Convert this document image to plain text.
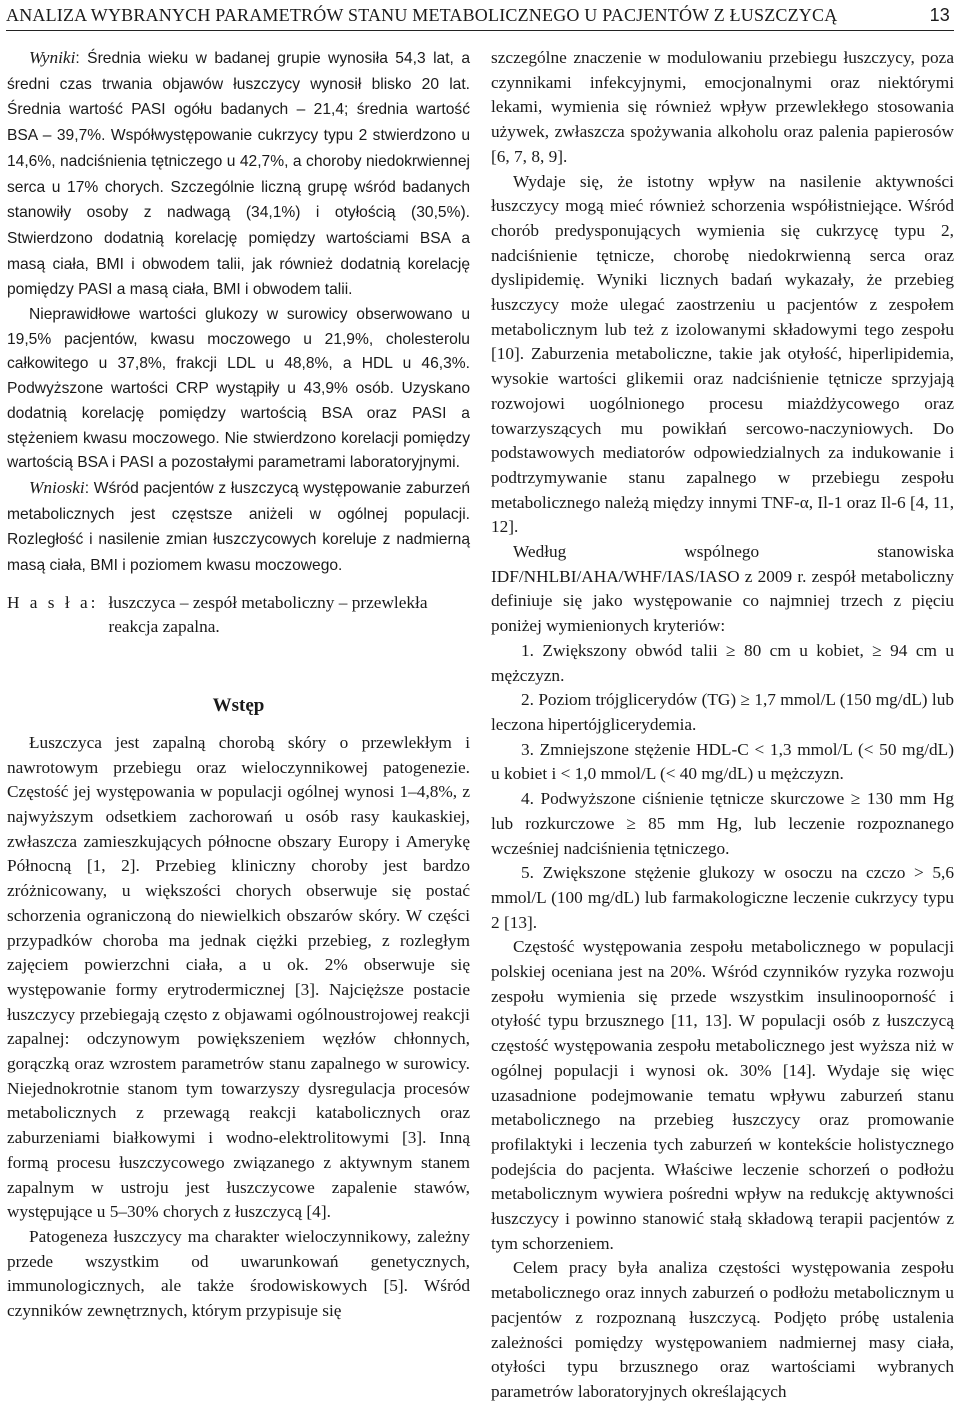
ANALIZA WYBRANYCH PARAMETRÓW STANU METABOLICZNEGO U PACJENTÓW Z ŁUSZCZYCĄ	13

Wyniki: Średnia wieku w badanej grupie wynosiła 54,3 lat, a średni czas trwania objawów łuszczycy wynosił blisko 20 lat. Średnia wartość PASI ogółu badanych – 21,4; średnia wartość BSA – 39,7%. Współwystępowanie cukrzycy typu 2 stwierdzono u 14,6%, nadciśnienia tętniczego u 42,7%, a choroby niedokrwiennej serca u 17% chorych. Szczególnie liczną grupę wśród badanych stanowiły osoby z nadwagą (34,1%) i otyłością (30,5%). Stwierdzono dodatnią korelację pomiędzy wartościami BSA a masą ciała, BMI i obwodem talii, jak również dodatnią korelację pomiędzy PASI a masą ciała, BMI i obwodem talii.

Nieprawidłowe wartości glukozy w surowicy obserwowano u 19,5% pacjentów, kwasu moczowego u 21,9%, cholesterolu całkowitego u 37,8%, frakcji LDL u 48,8%, a HDL u 46,3%. Podwyższone wartości CRP wystąpiły u 43,9% osób. Uzyskano dodatnią korelację pomiędzy wartością BSA oraz PASI a stężeniem kwasu moczowego. Nie stwierdzono korelacji pomiędzy wartością BSA i PASI a pozostałymi parametrami laboratoryjnymi.

Wnioski: Wśród pacjentów z łuszczycą występowanie zaburzeń metabolicznych jest częstsze aniżeli w ogólnej populacji. Rozległość i nasilenie zmian łuszczycowych koreluje z nadmierną masą ciała, BMI i poziomem kwasu moczowego.

H a s ł a: łuszczyca – zespół metaboliczny – przewlekła reakcja zapalna.

Wstęp

Łuszczyca jest zapalną chorobą skóry o przewlekłym i nawrotowym przebiegu oraz wieloczynnikowej patogenezie. Częstość jej występowania w populacji ogólnej wynosi 1–4,8%, z najwyższym odsetkiem zachorowań u osób rasy kaukaskiej, zwłaszcza zamieszkujących północne obszary Europy i Amerykę Północną [1, 2]. Przebieg kliniczny choroby jest bardzo zróżnicowany, u większości chorych obserwuje się postać schorzenia ograniczoną do niewielkich obszarów skóry. W części przypadków choroba ma jednak ciężki przebieg, z rozległym zajęciem powierzchni ciała, a u ok. 2% obserwuje się występowanie formy erytrodermicznej [3]. Najcięższe postacie łuszczycy przebiegają często z objawami ogólnoustrojowej reakcji zapalnej: odczynowym powiększeniem węzłów chłonnych, gorączką oraz wzrostem parametrów stanu zapalnego w surowicy. Niejednokrotnie stanom tym towarzyszy dysregulacja procesów metabolicznych z przewagą reakcji katabolicznych oraz zaburzeniami białkowymi i wodno-elektrolitowymi [3]. Inną formą procesu łuszczycowego związanego z aktywnym stanem zapalnym w ustroju jest łuszczycowe zapalenie stawów, występujące u 5–30% chorych z łuszczycą [4].

Patogeneza łuszczycy ma charakter wieloczynnikowy, zależny przede wszystkim od uwarunkowań genetycznych, immunologicznych, ale także środowiskowych [5]. Wśród czynników zewnętrznych, którym przypisuje się

szczególne znaczenie w modulowaniu przebiegu łuszczycy, poza czynnikami infekcyjnymi, emocjonalnymi oraz niektórymi lekami, wymienia się również wpływ przewlekłego stosowania używek, zwłaszcza spożywania alkoholu oraz palenia papierosów [6, 7, 8, 9].

Wydaje się, że istotny wpływ na nasilenie aktywności łuszczycy mogą mieć również schorzenia współistniejące. Wśród chorób predysponujących wymienia się cukrzycę typu 2, nadciśnienie tętnicze, chorobę niedokrwienną serca oraz dyslipidemię. Wyniki licznych badań wykazały, że przebieg łuszczycy może ulegać zaostrzeniu u pacjentów z zespołem metabolicznym lub też z izolowanymi składowymi tego zespołu [10]. Zaburzenia metaboliczne, takie jak otyłość, hiperlipidemia, wysokie wartości glikemii oraz nadciśnienie tętnicze sprzyjają rozwojowi uogólnionego procesu miażdżycowego oraz towarzyszących mu powikłań sercowo-naczyniowych. Do podstawowych mediatorów odpowiedzialnych za indukowanie i podtrzymywanie stanu zapalnego w przebiegu zespołu metabolicznego należą między innymi TNF-α, Il-1 oraz Il-6 [4, 11, 12].

Według wspólnego stanowiska IDF/NHLBI/AHA/WHF/IAS/IASO z 2009 r. zespół metaboliczny definiuje się jako występowanie co najmniej trzech z pięciu poniżej wymienionych kryteriów:

1. Zwiększony obwód talii ≥ 80 cm u kobiet, ≥ 94 cm u mężczyzn.

2. Poziom trójglicerydów (TG) ≥ 1,7 mmol/L (150 mg/dL) lub leczona hipertójglicerydemia.

3. Zmniejszone stężenie HDL-C < 1,3 mmol/L (< 50 mg/dL) u kobiet i < 1,0 mmol/L (< 40 mg/dL) u mężczyzn.

4. Podwyższone ciśnienie tętnicze skurczowe ≥ 130 mm Hg lub rozkurczowe ≥ 85 mm Hg, lub leczenie rozpoznanego wcześniej nadciśnienia tętniczego.

5. Zwiększone stężenie glukozy w osoczu na czczo > 5,6 mmol/L (100 mg/dL) lub farmakologiczne leczenie cukrzycy typu 2 [13].

Częstość występowania zespołu metabolicznego w populacji polskiej oceniana jest na 20%. Wśród czynników ryzyka rozwoju zespołu wymienia się przede wszystkim insulinooporność i otyłość typu brzusznego [11, 13]. W populacji osób z łuszczycą częstość występowania zespołu metabolicznego jest wyższa niż w ogólnej populacji i wynosi ok. 30% [14]. Wydaje się więc uzasadnione podejmowanie tematu wpływu zaburzeń stanu metabolicznego na przebieg łuszczycy oraz promowanie profilaktyki i leczenia tych zaburzeń w kontekście holistycznego podejścia do pacjenta. Właściwe leczenie schorzeń o podłożu metabolicznym wywiera pośredni wpływ na redukcję aktywności łuszczycy i powinno stanowić stałą składową terapii pacjentów z tym schorzeniem.

Celem pracy była analiza częstości występowania zespołu metabolicznego oraz innych zaburzeń o podłożu metabolicznym u pacjentów z rozpoznaną łuszczycą. Podjęto próbę ustalenia zależności pomiędzy występowaniem nadmiernej masy ciała, otyłości typu brzusznego oraz wartościami wybranych parametrów laboratoryjnych określających
